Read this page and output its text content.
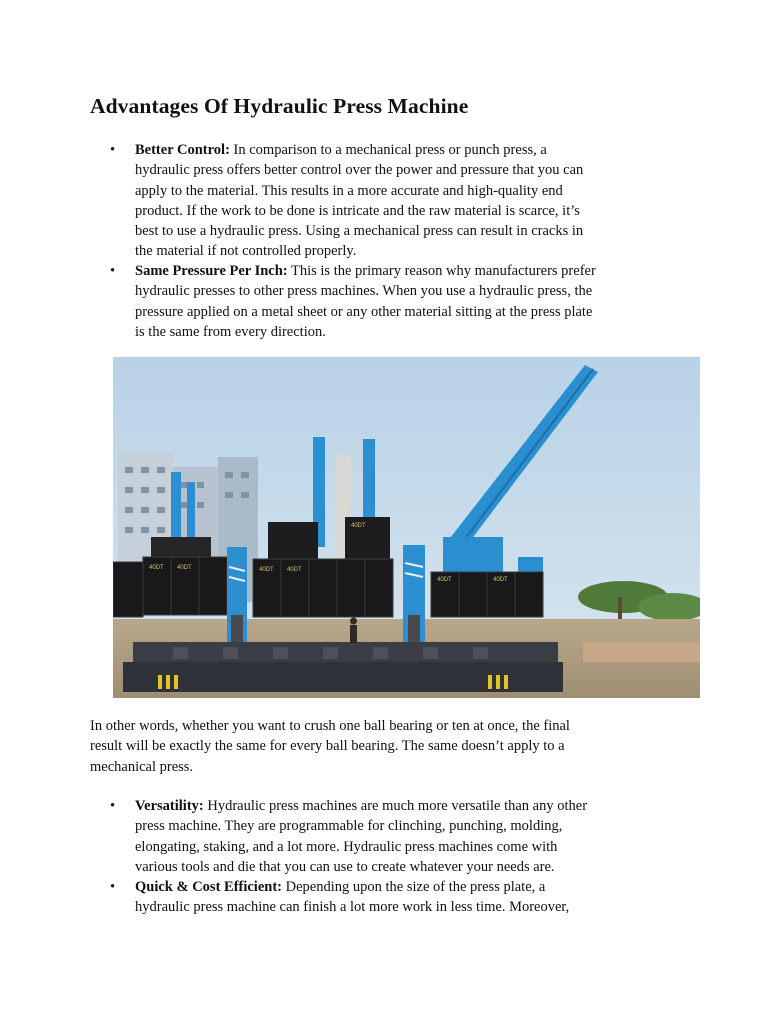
Advantages Of Hydraulic Press Machine
• Better Control: In comparison to a mechanical press or punch press, a
hydraulic press offers better control over the power and pressure that you can
apply to the material. This results in a more accurate and high-quality end
product. If the work to be done is intricate and the raw material is scarce, it’s
best to use a hydraulic press. Using a mechanical press can result in cracks in
the material if not controlled properly.
• Same Pressure Per Inch: This is the primary reason why manufacturers prefer
hydraulic presses to other press machines. When you use a hydraulic press, the
pressure applied on a metal sheet or any other material sitting at the press plate
is the same from every direction.
40DT 40DT	40DT 40DT
40DT
40DT	40DT
In other words, whether you want to crush one ball bearing or ten at once, the final
result will be exactly the same for every ball bearing. The same doesn’t apply to a
mechanical press.
• Versatility: Hydraulic press machines are much more versatile than any other
press machine. They are programmable for clinching, punching, molding,
elongating, staking, and a lot more. Hydraulic press machines come with
various tools and die that you can use to create whatever your needs are.
• Quick & Cost Efficient: Depending upon the size of the press plate, a
hydraulic press machine can finish a lot more work in less time. Moreover,
